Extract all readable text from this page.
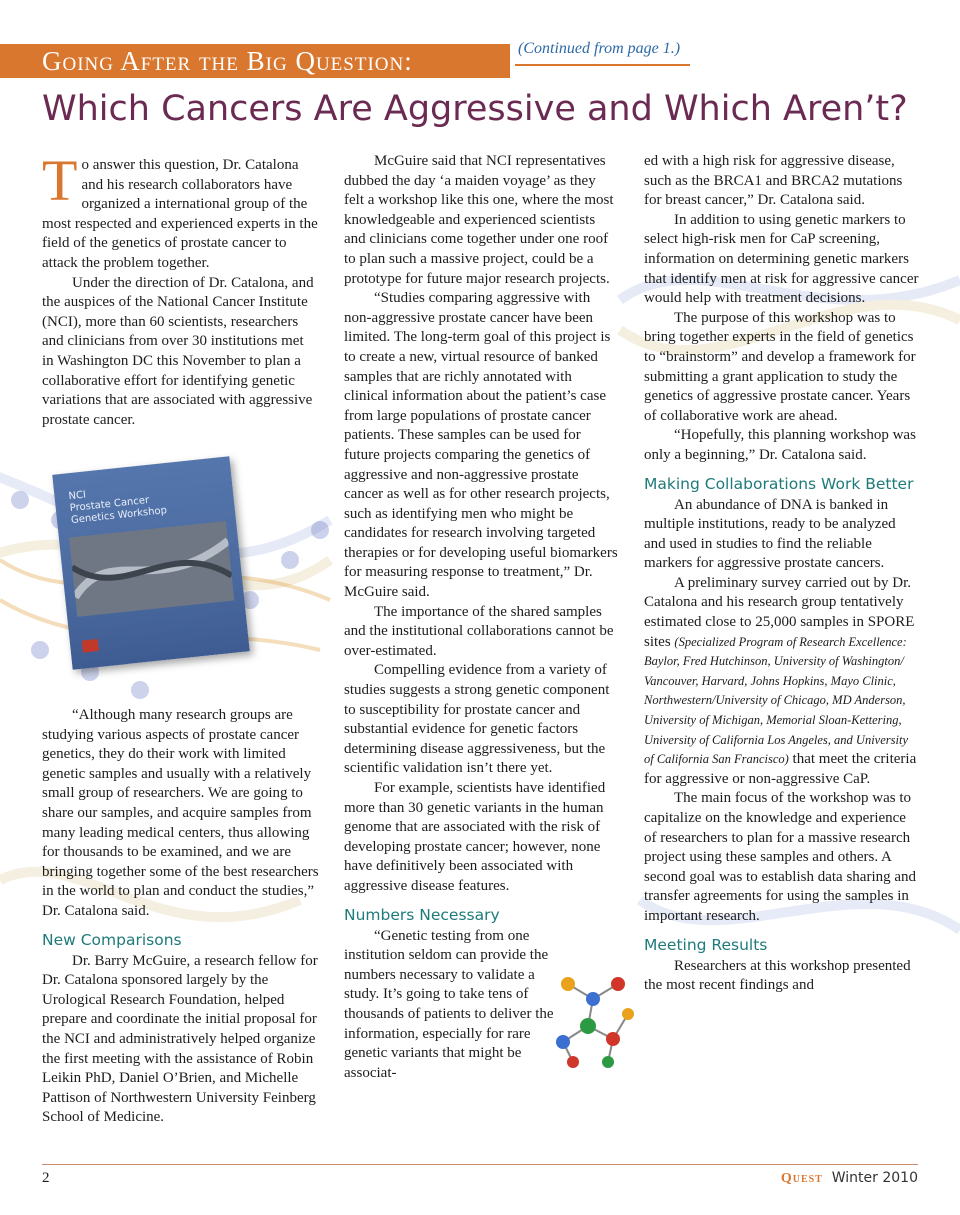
Going After the Big Question:	(Continued from page 1.)
Which Cancers Are Aggressive and Which Aren’t?

To answer this question, Dr. Catalona and his research collaborators have organized a international group of the most respected and experienced experts in the field of the genetics of prostate cancer to attack the problem together.

Under the direction of Dr. Catalona, and the auspices of the National Cancer Institute (NCI), more than 60 scientists, researchers and clinicians from over 30 institutions met in Washington DC this November to plan a collaborative effort for identifying genetic variations that are associated with aggressive prostate cancer.

NCI
Prostate Cancer
Genetics Workshop

“Although many research groups are studying various aspects of prostate cancer genetics, they do their work with limited genetic samples and usually with a relatively small group of researchers. We are going to share our samples, and acquire samples from many leading medical centers, thus allowing for thousands to be examined, and we are bringing together some of the best researchers in the world to plan and conduct the studies,” Dr. Catalona said.

New Comparisons

Dr. Barry McGuire, a research fellow for Dr. Catalona sponsored largely by the Urological Research Foundation, helped prepare and coordinate the initial proposal for the NCI and administratively helped organize the first meeting with the assistance of Robin Leikin PhD, Daniel O’Brien, and Michelle Pattison of Northwestern University Feinberg School of Medicine.

McGuire said that NCI representatives dubbed the day ‘a maiden voyage’ as they felt a workshop like this one, where the most knowledgeable and experienced scientists and clinicians come together under one roof to plan such a massive project, could be a prototype for future major research projects.

“Studies comparing aggressive with non-aggressive prostate cancer have been limited. The long-term goal of this project is to create a new, virtual resource of banked samples that are richly annotated with clinical information about the patient’s case from large populations of prostate cancer patients. These samples can be used for future projects comparing the genetics of aggressive and non-aggressive prostate cancer as well as for other research projects, such as identifying men who might be candidates for research involving targeted therapies or for developing useful biomarkers for measuring response to treatment,” Dr. McGuire said.

The importance of the shared samples and the institutional collaborations cannot be over-estimated.

Compelling evidence from a variety of studies suggests a strong genetic component to susceptibility for prostate cancer and substantial evidence for genetic factors determining disease aggressiveness, but the scientific validation isn’t there yet.

For example, scientists have identified more than 30 genetic variants in the human genome that are associated with the risk of developing prostate cancer; however, none have definitively been associated with aggressive disease features.

Numbers Necessary

“Genetic testing from one institution seldom can provide the numbers necessary to validate a study. It’s going to take tens of thousands of patients to deliver the information, especially for rare genetic variants that might be associat-

ed with a high risk for aggressive disease, such as the BRCA1 and BRCA2 mutations for breast cancer,” Dr. Catalona said.

In addition to using genetic markers to select high-risk men for CaP screening, information on determining genetic markers that identify men at risk for aggressive cancer would help with treatment decisions.

The purpose of this workshop was to bring together experts in the field of genetics to “brainstorm” and develop a framework for submitting a grant application to study the genetics of aggressive prostate cancer. Years of collaborative work are ahead.

“Hopefully, this planning workshop was only a beginning,” Dr. Catalona said.

Making Collaborations Work Better

An abundance of DNA is banked in multiple institutions, ready to be analyzed and used in studies to find the reliable markers for aggressive prostate cancers.

A preliminary survey carried out by Dr. Catalona and his research group tentatively estimated close to 25,000 samples in SPORE sites (Specialized Program of Research Excellence: Baylor, Fred Hutchinson, University of Washington/ Vancouver, Harvard, Johns Hopkins, Mayo Clinic, Northwestern/University of Chicago, MD Anderson, University of Michigan, Memorial Sloan-Kettering, University of California Los Angeles, and University of California San Francisco) that meet the criteria for aggressive or non-aggressive CaP.

The main focus of the workshop was to capitalize on the knowledge and experience of researchers to plan for a massive research project using these samples and others. A second goal was to establish data sharing and transfer agreements for using the samples in important research.

Meeting Results

Researchers at this workshop presented the most recent findings and

2	Quest Winter 2010
